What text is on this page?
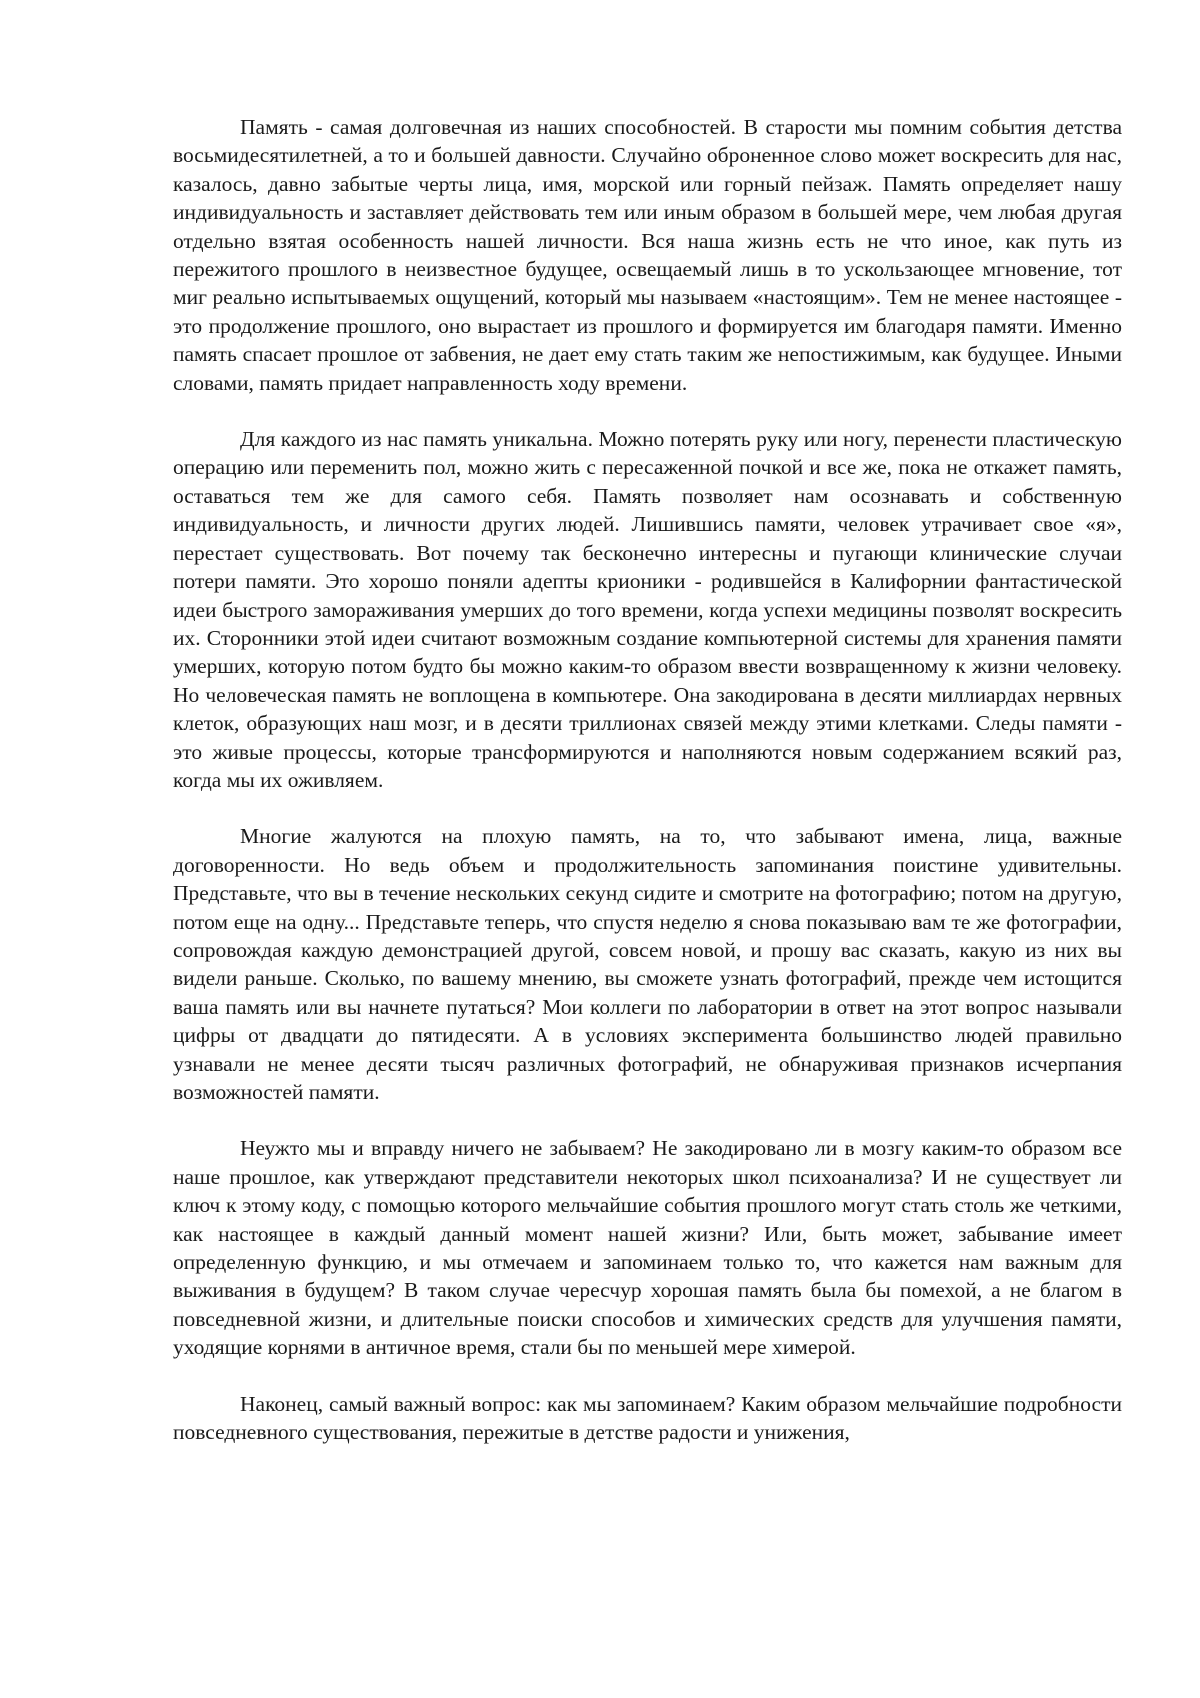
Память - самая долговечная из наших способностей. В старости мы помним события детства восьмидесятилетней, а то и большей давности. Случайно оброненное слово может воскресить для нас, казалось, давно забытые черты лица, имя, морской или горный пейзаж. Память определяет нашу индивидуальность и заставляет действовать тем или иным образом в большей мере, чем любая другая отдельно взятая особенность нашей личности. Вся наша жизнь есть не что иное, как путь из пережитого прошлого в неизвестное будущее, освещаемый лишь в то ускользающее мгновение, тот миг реально испытываемых ощущений, который мы называем «настоящим». Тем не менее настоящее - это продолжение прошлого, оно вырастает из прошлого и формируется им благодаря памяти. Именно память спасает прошлое от забвения, не дает ему стать таким же непостижимым, как будущее. Иными словами, память придает направленность ходу времени.

Для каждого из нас память уникальна. Можно потерять руку или ногу, перенести пластическую операцию или переменить пол, можно жить с пересаженной почкой и все же, пока не откажет память, оставаться тем же для самого себя. Память позволяет нам осознавать и собственную индивидуальность, и личности других людей. Лишившись памяти, человек утрачивает свое «я», перестает существовать. Вот почему так бесконечно интересны и пугающи клинические случаи потери памяти. Это хорошо поняли адепты крионики - родившейся в Калифорнии фантастической идеи быстрого замораживания умерших до того времени, когда успехи медицины позволят воскресить их. Сторонники этой идеи считают возможным создание компьютерной системы для хранения памяти умерших, которую потом будто бы можно каким-то образом ввести возвращенному к жизни человеку. Но человеческая память не воплощена в компьютере. Она закодирована в десяти миллиардах нервных клеток, образующих наш мозг, и в десяти триллионах связей между этими клетками. Следы памяти - это живые процессы, которые трансформируются и наполняются новым содержанием всякий раз, когда мы их оживляем.

Многие жалуются на плохую память, на то, что забывают имена, лица, важные договоренности. Но ведь объем и продолжительность запоминания поистине удивительны. Представьте, что вы в течение нескольких секунд сидите и смотрите на фотографию; потом на другую, потом еще на одну... Представьте теперь, что спустя неделю я снова показываю вам те же фотографии, сопровождая каждую демонстрацией другой, совсем новой, и прошу вас сказать, какую из них вы видели раньше. Сколько, по вашему мнению, вы сможете узнать фотографий, прежде чем истощится ваша память или вы начнете путаться? Мои коллеги по лаборатории в ответ на этот вопрос называли цифры от двадцати до пятидесяти. А в условиях эксперимента большинство людей правильно узнавали не менее десяти тысяч различных фотографий, не обнаруживая признаков исчерпания возможностей памяти.

Неужто мы и вправду ничего не забываем? Не закодировано ли в мозгу каким-то образом все наше прошлое, как утверждают представители некоторых школ психоанализа? И не существует ли ключ к этому коду, с помощью которого мельчайшие события прошлого могут стать столь же четкими, как настоящее в каждый данный момент нашей жизни? Или, быть может, забывание имеет определенную функцию, и мы отмечаем и запоминаем только то, что кажется нам важным для выживания в будущем? В таком случае чересчур хорошая память была бы помехой, а не благом в повседневной жизни, и длительные поиски способов и химических средств для улучшения памяти, уходящие корнями в античное время, стали бы по меньшей мере химерой.

Наконец, самый важный вопрос: как мы запоминаем? Каким образом мельчайшие подробности повседневного существования, пережитые в детстве радости и унижения,
